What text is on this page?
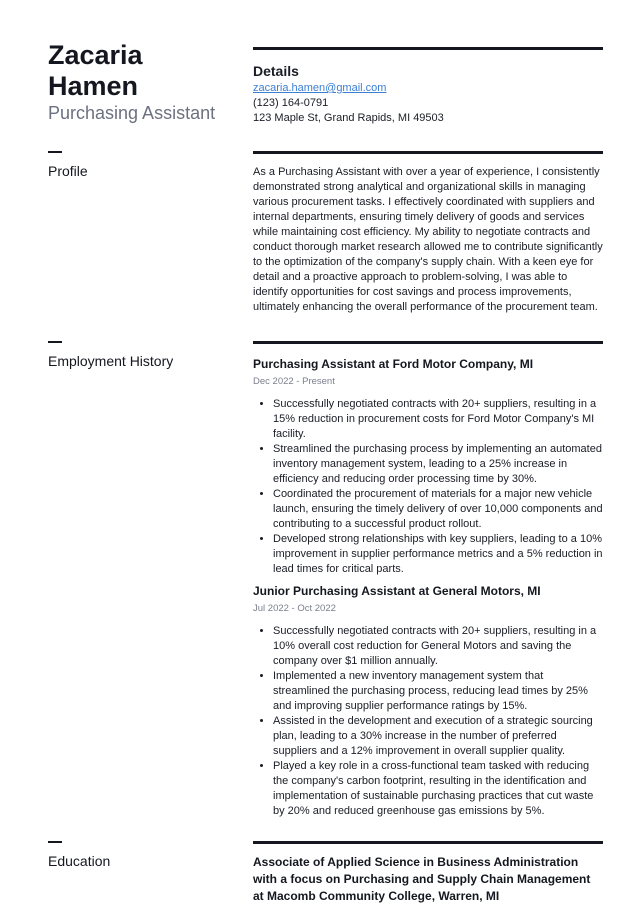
Zacaria
Hamen
Purchasing Assistant
Details
zacaria.hamen@gmail.com
(123) 164-0791
123 Maple St, Grand Rapids, MI 49503
Profile	As a Purchasing Assistant with over a year of experience, I consistently demonstrated strong analytical and organizational skills in managing various procurement tasks. I effectively coordinated with suppliers and internal departments, ensuring timely delivery of goods and services while maintaining cost efficiency. My ability to negotiate contracts and conduct thorough market research allowed me to contribute significantly to the optimization of the company's supply chain. With a keen eye for detail and a proactive approach to problem-solving, I was able to identify opportunities for cost savings and process improvements, ultimately enhancing the overall performance of the procurement team.
Employment History	Purchasing Assistant at Ford Motor Company, MI
Dec 2022 - Present
• Successfully negotiated contracts with 20+ suppliers, resulting in a 15% reduction in procurement costs for Ford Motor Company's MI facility.
• Streamlined the purchasing process by implementing an automated inventory management system, leading to a 25% increase in efficiency and reducing order processing time by 30%.
• Coordinated the procurement of materials for a major new vehicle launch, ensuring the timely delivery of over 10,000 components and contributing to a successful product rollout.
• Developed strong relationships with key suppliers, leading to a 10% improvement in supplier performance metrics and a 5% reduction in lead times for critical parts.
Junior Purchasing Assistant at General Motors, MI
Jul 2022 - Oct 2022
• Successfully negotiated contracts with 20+ suppliers, resulting in a 10% overall cost reduction for General Motors and saving the company over $1 million annually.
• Implemented a new inventory management system that streamlined the purchasing process, reducing lead times by 25% and improving supplier performance ratings by 15%.
• Assisted in the development and execution of a strategic sourcing plan, leading to a 30% increase in the number of preferred suppliers and a 12% improvement in overall supplier quality.
• Played a key role in a cross-functional team tasked with reducing the company's carbon footprint, resulting in the identification and implementation of sustainable purchasing practices that cut waste by 20% and reduced greenhouse gas emissions by 5%.
Education	Associate of Applied Science in Business Administration with a focus on Purchasing and Supply Chain Management at Macomb Community College, Warren, MI
